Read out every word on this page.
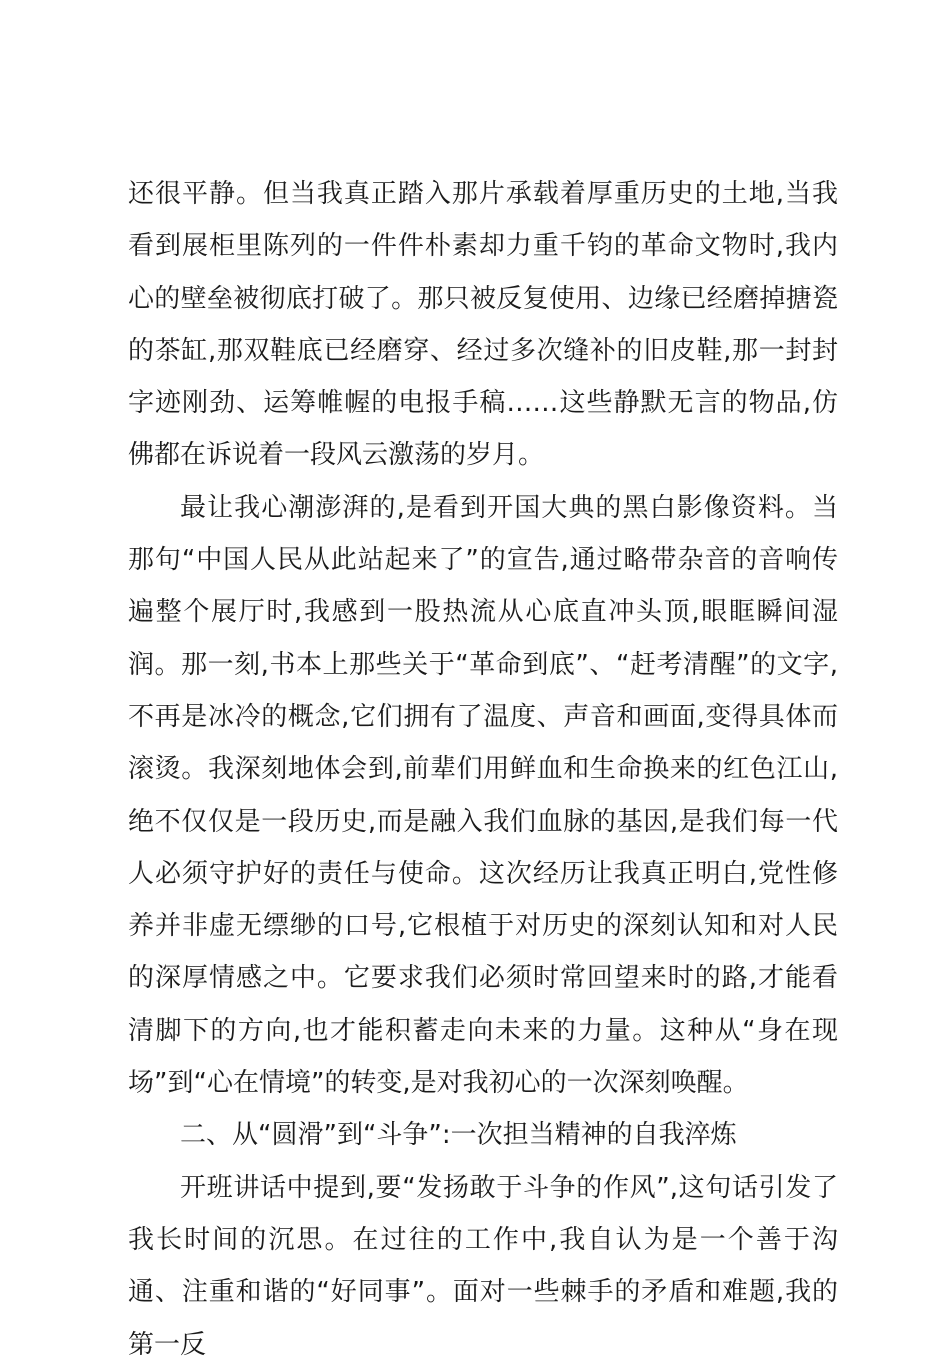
还很平静。但当我真正踏入那片承载着厚重历史的土地,当我看到展柜里陈列的一件件朴素却力重千钧的革命文物时,我内心的壁垒被彻底打破了。那只被反复使用、边缘已经磨掉搪瓷的茶缸,那双鞋底已经磨穿、经过多次缝补的旧皮鞋,那一封封字迹刚劲、运筹帷幄的电报手稿……这些静默无言的物品,仿佛都在诉说着一段风云激荡的岁月。

最让我心潮澎湃的,是看到开国大典的黑白影像资料。当那句“中国人民从此站起来了”的宣告,通过略带杂音的音响传遍整个展厅时,我感到一股热流从心底直冲头顶,眼眶瞬间湿润。那一刻,书本上那些关于“革命到底”、“赶考清醒”的文字,不再是冰冷的概念,它们拥有了温度、声音和画面,变得具体而滚烫。我深刻地体会到,前辈们用鲜血和生命换来的红色江山,绝不仅仅是一段历史,而是融入我们血脉的基因,是我们每一代人必须守护好的责任与使命。这次经历让我真正明白,党性修养并非虚无缥缈的口号,它根植于对历史的深刻认知和对人民的深厚情感之中。它要求我们必须时常回望来时的路,才能看清脚下的方向,也才能积蓄走向未来的力量。这种从“身在现场”到“心在情境”的转变,是对我初心的一次深刻唤醒。

二、从“圆滑”到“斗争”:一次担当精神的自我淬炼

开班讲话中提到,要“发扬敢于斗争的作风”,这句话引发了我长时间的沉思。在过往的工作中,我自认为是一个善于沟通、注重和谐的“好同事”。面对一些棘手的矛盾和难题,我的第一反
